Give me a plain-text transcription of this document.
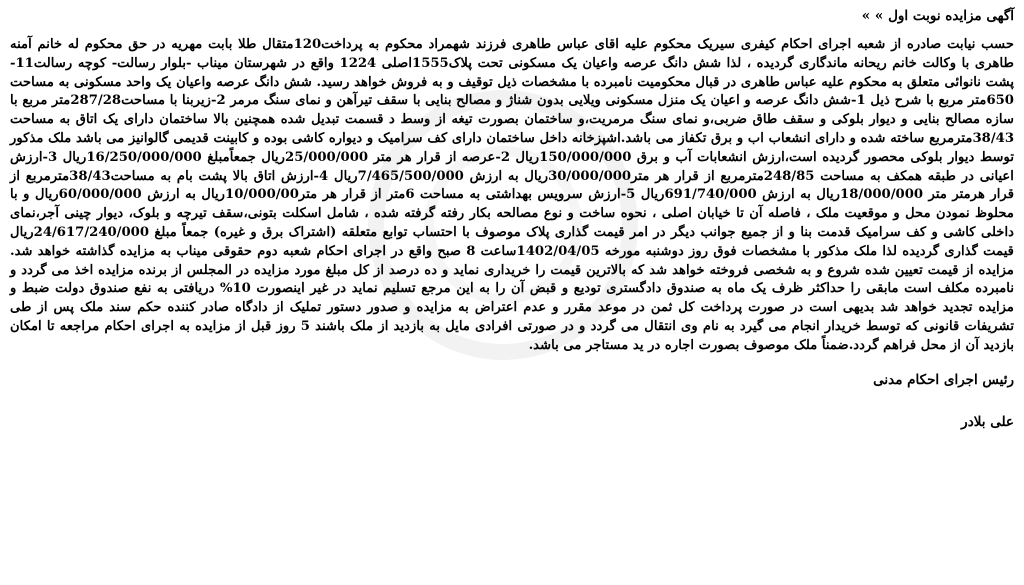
آگهی مزایده نوبت اول » »

حسب نیابت صادره از شعبه اجرای احکام کیفری سیریک محکوم علیه اقای عباس طاهری فرزند شهمراد محکوم به پرداخت120متقال طلا بابت مهریه در حق محکوم له خانم آمنه طاهری با وکالت خانم ریحانه ماندگاری گردیده ، لذا شش دانگ عرصه واعیان یک مسکونی تحت پلاک1555اصلی 1224 واقع در شهرستان میناب -بلوار رسالت- کوچه رسالت11-پشت نانوائی متعلق به محکوم علیه عباس طاهری در قبال محکومیت نامبرده با مشخصات ذیل توقیف و به فروش خواهد رسید. شش دانگ عرصه واعیان یک واحد مسکونی به مساحت 650متر مربع با شرح ذیل 1-شش دانگ عرصه و اعیان یک منزل مسکونی ویلایی بدون شناژ و مصالح بنایی با سقف تیرآهن و نمای سنگ مرمر 2-زیربنا با مساحت287/28متر مربع با سازه مصالح بنایی و دیوار بلوکی و سقف طاق ضربی،و نمای سنگ مرمریت،و ساختمان بصورت تیغه از وسط د قسمت تبدیل شده همچنین بالا ساختمان دارای یک اتاق به مساحت 38/43مترمربع ساخته شده و دارای انشعاب اب و برق تکفاز می باشد.اشپزخانه داخل ساختمان دارای کف سرامیک و دیواره کاشی بوده و کابینت قدیمی گالوانیز می باشد ملک مذکور توسط دیوار بلوکی محصور گردیده است،ارزش انشعابات آب و برق 150/000/000ریال 2-عرصه از قرار هر متر 25/000/000ریال جمعاًمبلغ 16/250/000/000ریال 3-ارزش اعیانی در طبقه همکف به مساحت 248/85مترمربع از قرار هر متر30/000/000ریال به ارزش 7/465/500/000ریال 4-ارزش اتاق بالا پشت بام به مساحت38/43مترمربع از قرار هرمتر متر 18/000/000ریال به ارزش 691/740/000ریال 5-ارزش سرویس بهداشتی به مساحت 6متر از قرار هر متر10/000/00ریال به ارزش 60/000/000ریال و با محلوظ نمودن محل و موقعیت ملک ، فاصله آن تا خیابان اصلی ، نحوه ساخت و نوع مصالحه بکار رفته گرفته شده ، شامل اسکلت بتونی،سقف تیرچه و بلوک، دیوار چینی آجر،نمای داخلی کاشی و کف سرامیک قدمت بنا و از جمیع جوانب دیگر در امر قیمت گذاری پلاک موصوف با احتساب توابع متعلقه (اشتراک برق و غیره) جمعاً مبلغ 24/617/240/000ریال قیمت گذاری گردیده لذا ملک مذکور با مشخصات فوق روز دوشنبه مورخه 1402/04/05ساعت 8 صبح واقع در اجرای احکام شعبه دوم حقوقی میناب به مزایده گذاشته خواهد شد. مزایده از قیمت تعیین شده شروع و به شخصی فروخته خواهد شد که بالاترین قیمت را خریداری نماید و ده درصد از کل مبلغ مورد مزایده در المجلس از برنده مزایده اخذ می گردد و نامبرده مکلف است مابقی را حداکثر ظرف یک ماه به صندوق دادگستری تودیع و قبض آن را به این مرجع تسلیم نماید در غیر اینصورت 10% دریافتی به نفع صندوق دولت ضبط و مزایده تجدید خواهد شد بدیهی است در صورت پرداخت کل ثمن در موعد مقرر و عدم اعتراض به مزایده و صدور دستور تملیک از دادگاه صادر کننده حکم سند ملک پس از طی تشریفات قانونی که توسط خریدار انجام می گیرد به نام وی انتقال می گردد و در صورتی افرادی مایل به بازدید از ملک باشند 5 روز قبل از مزایده به اجرای احکام مراجعه تا امکان بازدید آن از محل فراهم گردد.ضمناً ملک موصوف بصورت اجاره در ید مستاجر می باشد.

رئیس اجرای احکام مدنی

علی بلادر
